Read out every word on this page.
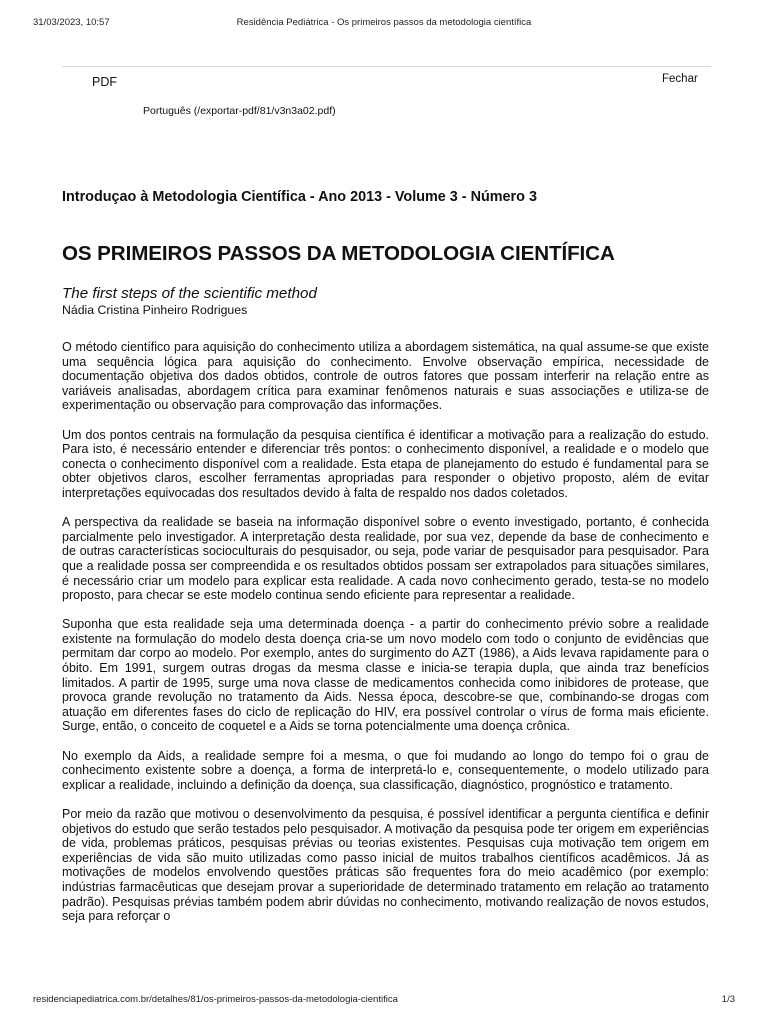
31/03/2023, 10:57	Residência Pediátrica - Os primeiros passos da metodologia científica
PDF	Fechar
Português (/exportar-pdf/81/v3n3a02.pdf)
Introduçao à Metodologia Científica - Ano 2013 - Volume 3 - Número 3
OS PRIMEIROS PASSOS DA METODOLOGIA CIENTÍFICA
The first steps of the scientific method
Nádia Cristina Pinheiro Rodrigues

O método científico para aquisição do conhecimento utiliza a abordagem sistemática, na qual assume-se que existe uma sequência lógica para aquisição do conhecimento. Envolve observação empírica, necessidade de documentação objetiva dos dados obtidos, controle de outros fatores que possam interferir na relação entre as variáveis analisadas, abordagem crítica para examinar fenômenos naturais e suas associações e utiliza-se de experimentação ou observação para comprovação das informações.

Um dos pontos centrais na formulação da pesquisa científica é identificar a motivação para a realização do estudo. Para isto, é necessário entender e diferenciar três pontos: o conhecimento disponível, a realidade e o modelo que conecta o conhecimento disponível com a realidade. Esta etapa de planejamento do estudo é fundamental para se obter objetivos claros, escolher ferramentas apropriadas para responder o objetivo proposto, além de evitar interpretações equivocadas dos resultados devido à falta de respaldo nos dados coletados.

A perspectiva da realidade se baseia na informação disponível sobre o evento investigado, portanto, é conhecida parcialmente pelo investigador. A interpretação desta realidade, por sua vez, depende da base de conhecimento e de outras características socioculturais do pesquisador, ou seja, pode variar de pesquisador para pesquisador. Para que a realidade possa ser compreendida e os resultados obtidos possam ser extrapolados para situações similares, é necessário criar um modelo para explicar esta realidade. A cada novo conhecimento gerado, testa-se no modelo proposto, para checar se este modelo continua sendo eficiente para representar a realidade.

Suponha que esta realidade seja uma determinada doença - a partir do conhecimento prévio sobre a realidade existente na formulação do modelo desta doença cria-se um novo modelo com todo o conjunto de evidências que permitam dar corpo ao modelo. Por exemplo, antes do surgimento do AZT (1986), a Aids levava rapidamente para o óbito. Em 1991, surgem outras drogas da mesma classe e inicia-se terapia dupla, que ainda traz benefícios limitados. A partir de 1995, surge uma nova classe de medicamentos conhecida como inibidores de protease, que provoca grande revolução no tratamento da Aids. Nessa época, descobre-se que, combinando-se drogas com atuação em diferentes fases do ciclo de replicação do HIV, era possível controlar o vírus de forma mais eficiente. Surge, então, o conceito de coquetel e a Aids se torna potencialmente uma doença crônica.

No exemplo da Aids, a realidade sempre foi a mesma, o que foi mudando ao longo do tempo foi o grau de conhecimento existente sobre a doença, a forma de interpretá-lo e, consequentemente, o modelo utilizado para explicar a realidade, incluindo a definição da doença, sua classificação, diagnóstico, prognóstico e tratamento.

Por meio da razão que motivou o desenvolvimento da pesquisa, é possível identificar a pergunta científica e definir objetivos do estudo que serão testados pelo pesquisador. A motivação da pesquisa pode ter origem em experiências de vida, problemas práticos, pesquisas prévias ou teorias existentes. Pesquisas cuja motivação tem origem em experiências de vida são muito utilizadas como passo inicial de muitos trabalhos científicos acadêmicos. Já as motivações de modelos envolvendo questões práticas são frequentes fora do meio acadêmico (por exemplo: indústrias farmacêuticas que desejam provar a superioridade de determinado tratamento em relação ao tratamento padrão). Pesquisas prévias também podem abrir dúvidas no conhecimento, motivando realização de novos estudos, seja para reforçar o

residenciapediatrica.com.br/detalhes/81/os-primeiros-passos-da-metodologia-cientifica	1/3
